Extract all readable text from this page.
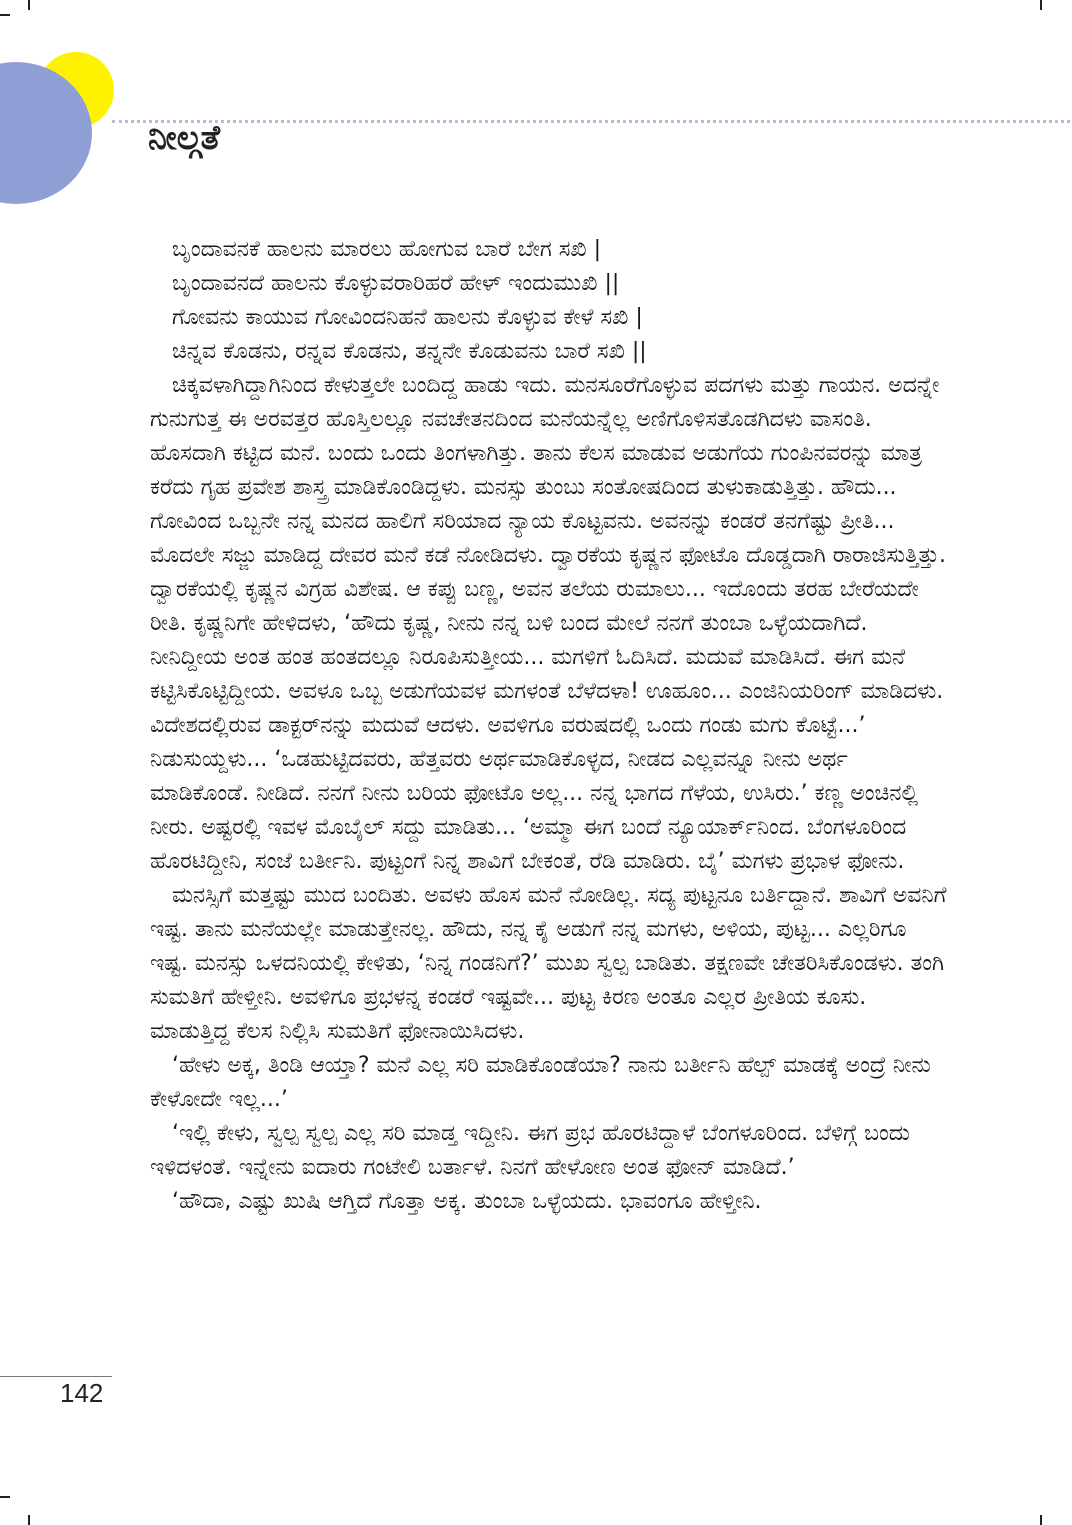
ನೀಲ್ಗತೆ
ಬೃಂದಾವನಕೆ ಹಾಲನು ಮಾರಲು ಹೋಗುವ ಬಾರೆ ಬೇಗ ಸಖಿ |
ಬೃಂದಾವನದೆ ಹಾಲನು ಕೊಳ್ಳುವರಾರಿಹರೆ ಹೇಳ್ ಇಂದುಮುಖಿ ||
ಗೋವನು ಕಾಯುವ ಗೋವಿಂದನಿಹನೆ ಹಾಲನು ಕೊಳ್ಳುವ ಕೇಳೆ ಸಖಿ |
ಚಿನ್ನವ ಕೊಡನು, ರನ್ನವ ಕೊಡನು, ತನ್ನನೇ ಕೊಡುವನು ಬಾರೆ ಸಖಿ ||

ಚಿಕ್ಕವಳಾಗಿದ್ದಾಗಿನಿಂದ ಕೇಳುತ್ತಲೇ ಬಂದಿದ್ದ ಹಾಡು ಇದು. ಮನಸೂರೆಗೊಳ್ಳುವ ಪದಗಳು ಮತ್ತು ಗಾಯನ. ಅದನ್ನೇ ಗುನುಗುತ್ತ ಈ ಅರವತ್ತರ ಹೊಸ್ತಿಲಲ್ಲೂ ನವಚೇತನದಿಂದ ಮನೆಯನ್ನೆಲ್ಲ ಅಣಿಗೊಳಿಸತೊಡಗಿದಳು ವಾಸಂತಿ. ಹೊಸದಾಗಿ ಕಟ್ಟಿದ ಮನೆ. ಬಂದು ಒಂದು ತಿಂಗಳಾಗಿತ್ತು. ತಾನು ಕೆಲಸ ಮಾಡುವ ಅಡುಗೆಯ ಗುಂಪಿನವರನ್ನು ಮಾತ್ರ ಕರೆದು ಗೃಹ ಪ್ರವೇಶ ಶಾಸ್ತ್ರ ಮಾಡಿಕೊಂಡಿದ್ದಳು. ಮನಸ್ಸು ತುಂಬು ಸಂತೋಷದಿಂದ ತುಳುಕಾಡುತ್ತಿತ್ತು. ಹೌದು... ಗೋವಿಂದ ಒಬ್ಬನೇ ನನ್ನ ಮನದ ಹಾಲಿಗೆ ಸರಿಯಾದ ನ್ಯಾಯ ಕೊಟ್ಟವನು. ಅವನನ್ನು ಕಂಡರೆ ತನಗೆಷ್ಟು ಪ್ರೀತಿ... ಮೊದಲೇ ಸಜ್ಜು ಮಾಡಿದ್ದ ದೇವರ ಮನೆ ಕಡೆ ನೋಡಿದಳು. ದ್ವಾರಕೆಯ ಕೃಷ್ಣನ ಫೋಟೊ ದೊಡ್ಡದಾಗಿ ರಾರಾಜಿಸುತ್ತಿತ್ತು. ದ್ವಾರಕೆಯಲ್ಲಿ ಕೃಷ್ಣನ ವಿಗ್ರಹ ವಿಶೇಷ. ಆ ಕಪ್ಪು ಬಣ್ಣ, ಅವನ ತಲೆಯ ರುಮಾಲು... ಇದೊಂದು ತರಹ ಬೇರೆಯದೇ ರೀತಿ. ಕೃಷ್ಣನಿಗೇ ಹೇಳಿದಳು, ‘ಹೌದು ಕೃಷ್ಣ, ನೀನು ನನ್ನ ಬಳಿ ಬಂದ ಮೇಲೆ ನನಗೆ ತುಂಬಾ ಒಳ್ಳೆಯದಾಗಿದೆ. ನೀನಿದ್ದೀಯ ಅಂತ ಹಂತ ಹಂತದಲ್ಲೂ ನಿರೂಪಿಸುತ್ತೀಯ... ಮಗಳಿಗೆ ಓದಿಸಿದೆ. ಮದುವೆ ಮಾಡಿಸಿದೆ. ಈಗ ಮನೆ ಕಟ್ಟಿಸಿಕೊಟ್ಟಿದ್ದೀಯ. ಅವಳೂ ಒಬ್ಬ ಅಡುಗೆಯವಳ ಮಗಳಂತೆ ಬೆಳೆದಳಾ! ಊಹೂಂ... ಎಂಜಿನಿಯರಿಂಗ್ ಮಾಡಿದಳು. ವಿದೇಶದಲ್ಲಿರುವ ಡಾಕ್ಟರ್‌ನನ್ನು ಮದುವೆ ಆದಳು. ಅವಳಿಗೂ ವರುಷದಲ್ಲಿ ಒಂದು ಗಂಡು ಮಗು ಕೊಟ್ಟೆ...’ ನಿಡುಸುಯ್ದಳು... ‘ಒಡಹುಟ್ಟಿದವರು, ಹೆತ್ತವರು ಅರ್ಥಮಾಡಿಕೊಳ್ಳದ, ನೀಡದ ಎಲ್ಲವನ್ನೂ ನೀನು ಅರ್ಥ ಮಾಡಿಕೊಂಡೆ. ನೀಡಿದೆ. ನನಗೆ ನೀನು ಬರಿಯ ಫೋಟೊ ಅಲ್ಲ... ನನ್ನ ಭಾಗದ ಗೆಳೆಯ, ಉಸಿರು.’ ಕಣ್ಣ ಅಂಚಿನಲ್ಲಿ ನೀರು. ಅಷ್ಟರಲ್ಲಿ ಇವಳ ಮೊಬೈಲ್ ಸದ್ದು ಮಾಡಿತು... ‘ಅಮ್ಮಾ ಈಗ ಬಂದೆ ನ್ಯೂಯಾರ್ಕ್‌ನಿಂದ. ಬೆಂಗಳೂರಿಂದ ಹೊರಟಿದ್ದೀನಿ, ಸಂಜೆ ಬರ್ತೀನಿ. ಪುಟ್ಟಂಗೆ ನಿನ್ನ ಶಾವಿಗೆ ಬೇಕಂತೆ, ರೆಡಿ ಮಾಡಿರು. ಬೈ’ ಮಗಳು ಪ್ರಭಾಳ ಫೋನು.

ಮನಸ್ಸಿಗೆ ಮತ್ತಷ್ಟು ಮುದ ಬಂದಿತು. ಅವಳು ಹೊಸ ಮನೆ ನೋಡಿಲ್ಲ. ಸದ್ಯ ಪುಟ್ಟನೂ ಬರ್ತಿದ್ದಾನೆ. ಶಾವಿಗೆ ಅವನಿಗೆ ಇಷ್ಟ. ತಾನು ಮನೆಯಲ್ಲೇ ಮಾಡುತ್ತೇನಲ್ಲ. ಹೌದು, ನನ್ನ ಕೈ ಅಡುಗೆ ನನ್ನ ಮಗಳು, ಅಳಿಯ, ಪುಟ್ಟ... ಎಲ್ಲರಿಗೂ ಇಷ್ಟ. ಮನಸ್ಸು ಒಳದನಿಯಲ್ಲಿ ಕೇಳಿತು, ‘ನಿನ್ನ ಗಂಡನಿಗೆ?’ ಮುಖ ಸ್ವಲ್ಪ ಬಾಡಿತು. ತಕ್ಷಣವೇ ಚೇತರಿಸಿಕೊಂಡಳು. ತಂಗಿ ಸುಮತಿಗೆ ಹೇಳ್ತೀನಿ. ಅವಳಿಗೂ ಪ್ರಭಳನ್ನ ಕಂಡರೆ ಇಷ್ಟವೇ... ಪುಟ್ಟ ಕಿರಣ ಅಂತೂ ಎಲ್ಲರ ಪ್ರೀತಿಯ ಕೂಸು. ಮಾಡುತ್ತಿದ್ದ ಕೆಲಸ ನಿಲ್ಲಿಸಿ ಸುಮತಿಗೆ ಫೋನಾಯಿಸಿದಳು.

‘ಹೇಳು ಅಕ್ಕ, ತಿಂಡಿ ಆಯ್ತಾ? ಮನೆ ಎಲ್ಲ ಸರಿ ಮಾಡಿಕೊಂಡೆಯಾ? ನಾನು ಬರ್ತೀನಿ ಹೆಲ್ಪ್ ಮಾಡಕ್ಕೆ ಅಂದ್ರೆ ನೀನು ಕೇಳೋದೇ ಇಲ್ಲ...’

‘ಇಲ್ಲಿ ಕೇಳು, ಸ್ವಲ್ಪ ಸ್ವಲ್ಪ ಎಲ್ಲ ಸರಿ ಮಾಡ್ತ ಇದ್ದೀನಿ. ಈಗ ಪ್ರಭ ಹೊರಟಿದ್ದಾಳೆ ಬೆಂಗಳೂರಿಂದ. ಬೆಳಿಗ್ಗೆ ಬಂದು ಇಳಿದಳಂತೆ. ಇನ್ನೇನು ಐದಾರು ಗಂಟೇಲಿ ಬರ್ತಾಳೆ. ನಿನಗೆ ಹೇಳೋಣ ಅಂತ ಫೋನ್ ಮಾಡಿದೆ.’

‘ಹೌದಾ, ಎಷ್ಟು ಖುಷಿ ಆಗ್ತಿದೆ ಗೊತ್ತಾ ಅಕ್ಕ. ತುಂಬಾ ಒಳ್ಳೆಯದು. ಭಾವಂಗೂ ಹೇಳ್ತೀನಿ.

142
